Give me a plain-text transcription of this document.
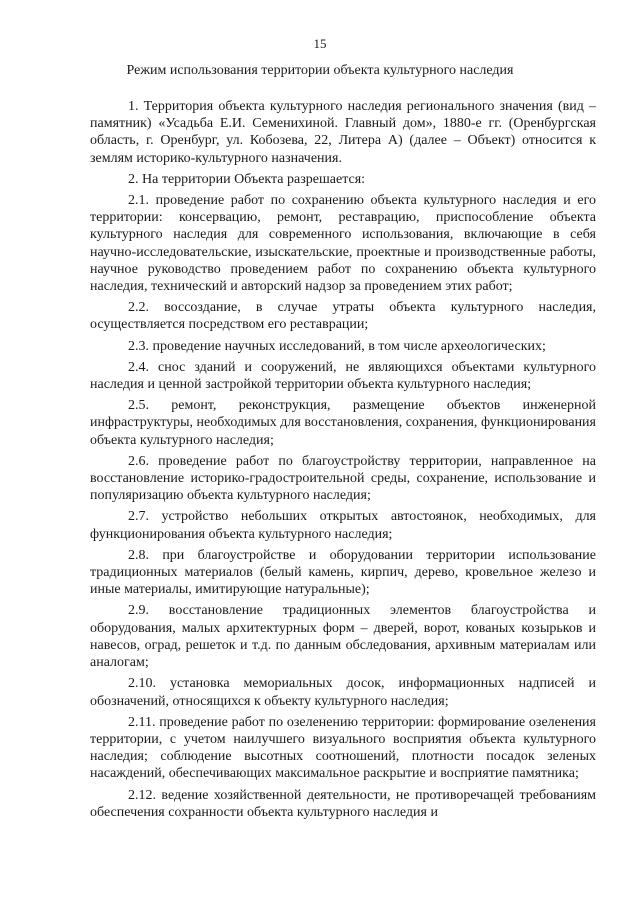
15
Режим использования территории объекта культурного наследия

1. Территория объекта культурного наследия регионального значения (вид – памятник) «Усадьба Е.И. Семенихиной. Главный дом», 1880-е гг. (Оренбургская область, г. Оренбург, ул. Кобозева, 22, Литера А) (далее – Объект) относится к землям историко-культурного назначения.

2. На территории Объекта разрешается:

2.1. проведение работ по сохранению объекта культурного наследия и его территории: консервацию, ремонт, реставрацию, приспособление объекта культурного наследия для современного использования, включающие в себя научно-исследовательские, изыскательские, проектные и производственные работы, научное руководство проведением работ по сохранению объекта культурного наследия, технический и авторский надзор за проведением этих работ;

2.2. воссоздание, в случае утраты объекта культурного наследия, осуществляется посредством его реставрации;

2.3. проведение научных исследований, в том числе археологических;

2.4. снос зданий и сооружений, не являющихся объектами культурного наследия и ценной застройкой территории объекта культурного наследия;

2.5. ремонт, реконструкция, размещение объектов инженерной инфраструктуры, необходимых для восстановления, сохранения, функционирования объекта культурного наследия;

2.6. проведение работ по благоустройству территории, направленное на восстановление историко-градостроительной среды, сохранение, использование и популяризацию объекта культурного наследия;

2.7. устройство небольших открытых автостоянок, необходимых, для функционирования объекта культурного наследия;

2.8. при благоустройстве и оборудовании территории использование традиционных материалов (белый камень, кирпич, дерево, кровельное железо и иные материалы, имитирующие натуральные);

2.9. восстановление традиционных элементов благоустройства и оборудования, малых архитектурных форм – дверей, ворот, кованых козырьков и навесов, оград, решеток и т.д. по данным обследования, архивным материалам или аналогам;

2.10. установка мемориальных досок, информационных надписей и обозначений, относящихся к объекту культурного наследия;

2.11. проведение работ по озеленению территории: формирование озеленения территории, с учетом наилучшего визуального восприятия объекта культурного наследия; соблюдение высотных соотношений, плотности посадок зеленых насаждений, обеспечивающих максимальное раскрытие и восприятие памятника;

2.12. ведение хозяйственной деятельности, не противоречащей требованиям обеспечения сохранности объекта культурного наследия и
